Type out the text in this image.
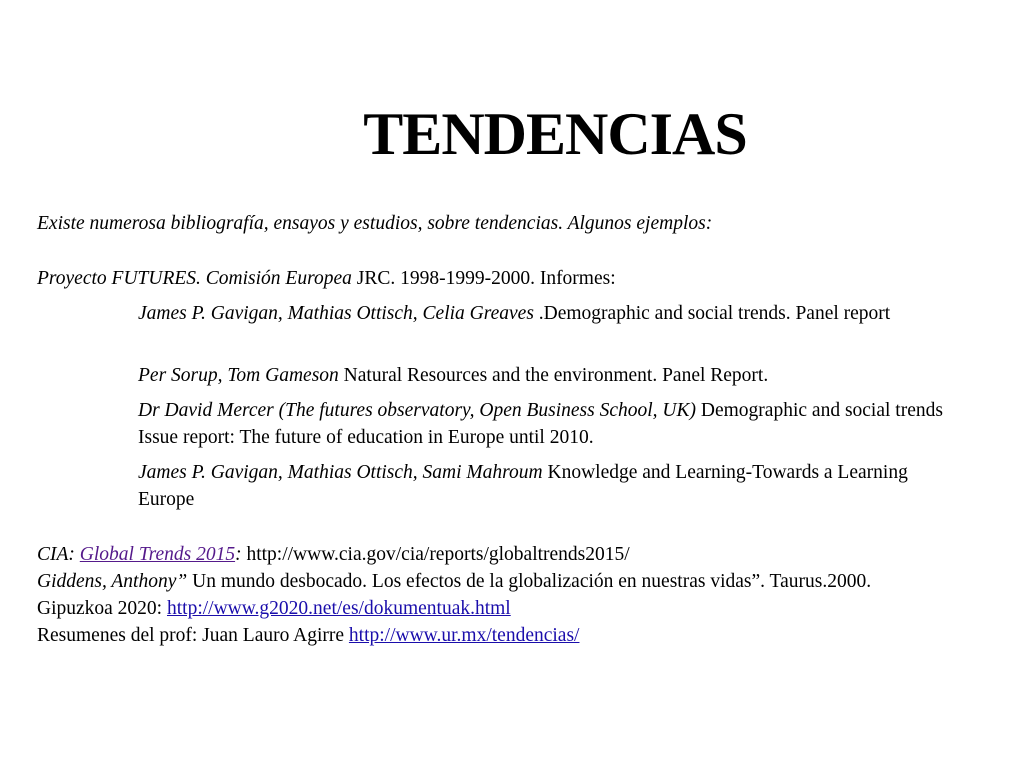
TENDENCIAS
Existe numerosa bibliografía, ensayos y estudios, sobre tendencias. Algunos ejemplos:
Proyecto FUTURES. Comisión Europea JRC. 1998-1999-2000. Informes:
James P. Gavigan, Mathias Ottisch, Celia Greaves .Demographic and social trends. Panel report
Per Sorup, Tom Gameson Natural Resources and the environment. Panel Report.
Dr David Mercer (The futures observatory, Open Business School, UK) Demographic and social trends Issue report: The future of education in Europe until 2010.
James P. Gavigan, Mathias Ottisch, Sami Mahroum Knowledge and Learning-Towards a Learning Europe
CIA: Global Trends 2015: http://www.cia.gov/cia/reports/globaltrends2015/
Giddens, Anthony” Un mundo desbocado. Los efectos de la globalización en nuestras vidas”. Taurus.2000.
Gipuzkoa 2020: http://www.g2020.net/es/dokumentuak.html
Resumenes del prof: Juan Lauro Agirre http://www.ur.mx/tendencias/
